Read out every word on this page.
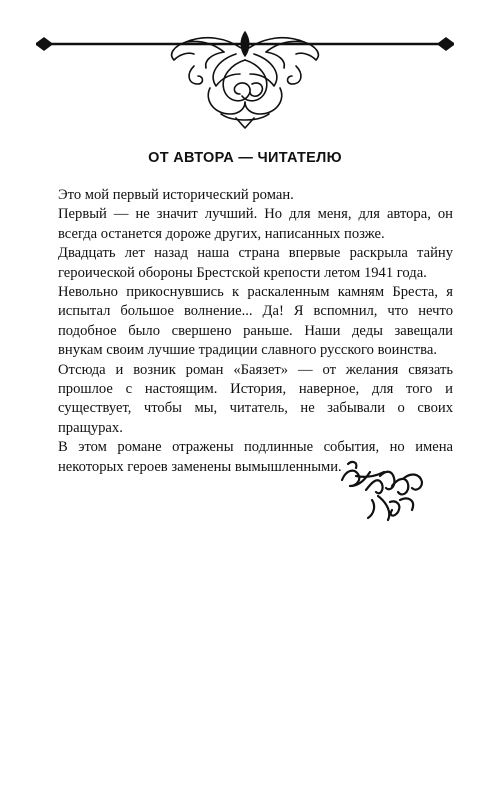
ОТ АВТОРА — ЧИТАТЕЛЮ

Это мой первый исторический роман.

Первый — не значит лучший. Но для меня, для автора, он всегда останется дороже других, написанных позже.

Двадцать лет назад наша страна впервые раскрыла тайну героической обороны Брестской крепости летом 1941 года.

Невольно прикоснувшись к раскаленным камням Бреста, я испытал большое волнение... Да! Я вспомнил, что нечто подобное было свершено раньше. Наши деды завещали внукам своим лучшие традиции славного русского воинства.

Отсюда и возник роман «Баязет» — от желания связать прошлое с настоящим. История, наверное, для того и существует, чтобы мы, читатель, не забывали о своих пращурах.

В этом романе отражены подлинные события, но имена некоторых героев заменены вымышленными.
